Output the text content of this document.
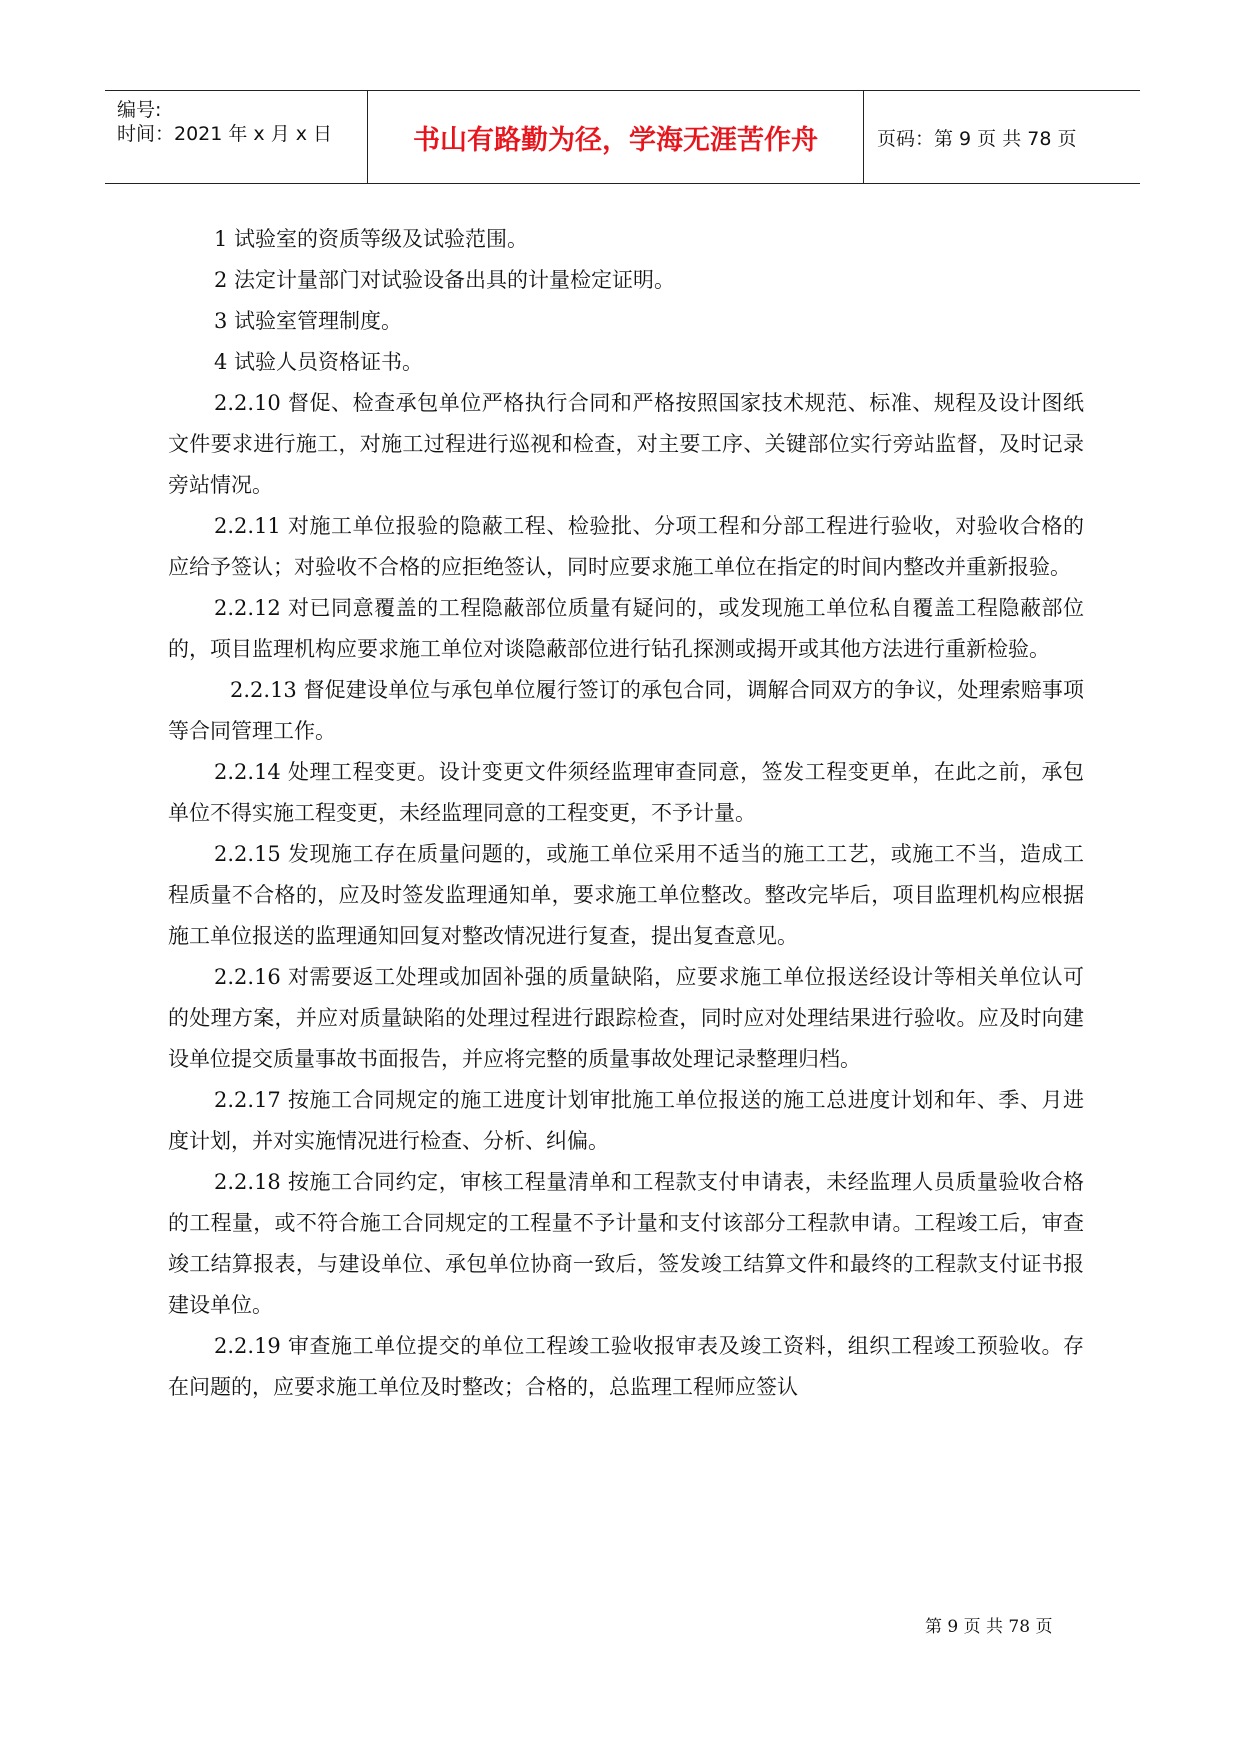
编号:
时间：2021 年 x 月 x 日	书山有路勤为径，学海无涯苦作舟	页码：第 9 页 共 78 页

1 试验室的资质等级及试验范围。

2 法定计量部门对试验设备出具的计量检定证明。

3 试验室管理制度。

4 试验人员资格证书。

2.2.10 督促、检查承包单位严格执行合同和严格按照国家技术规范、标准、规程及设计图纸文件要求进行施工，对施工过程进行巡视和检查，对主要工序、关键部位实行旁站监督，及时记录旁站情况。

2.2.11 对施工单位报验的隐蔽工程、检验批、分项工程和分部工程进行验收，对验收合格的应给予签认；对验收不合格的应拒绝签认，同时应要求施工单位在指定的时间内整改并重新报验。

2.2.12 对已同意覆盖的工程隐蔽部位质量有疑问的，或发现施工单位私自覆盖工程隐蔽部位的，项目监理机构应要求施工单位对谈隐蔽部位进行钻孔探测或揭开或其他方法进行重新检验。

2.2.13 督促建设单位与承包单位履行签订的承包合同，调解合同双方的争议，处理索赔事项等合同管理工作。

2.2.14 处理工程变更。设计变更文件须经监理审查同意，签发工程变更单，在此之前，承包单位不得实施工程变更，未经监理同意的工程变更，不予计量。

2.2.15 发现施工存在质量问题的，或施工单位采用不适当的施工工艺，或施工不当，造成工程质量不合格的，应及时签发监理通知单，要求施工单位整改。整改完毕后，项目监理机构应根据施工单位报送的监理通知回复对整改情况进行复查，提出复查意见。

2.2.16 对需要返工处理或加固补强的质量缺陷，应要求施工单位报送经设计等相关单位认可的处理方案，并应对质量缺陷的处理过程进行跟踪检查，同时应对处理结果进行验收。应及时向建设单位提交质量事故书面报告，并应将完整的质量事故处理记录整理归档。

2.2.17 按施工合同规定的施工进度计划审批施工单位报送的施工总进度计划和年、季、月进度计划，并对实施情况进行检查、分析、纠偏。

2.2.18 按施工合同约定，审核工程量清单和工程款支付申请表，未经监理人员质量验收合格的工程量，或不符合施工合同规定的工程量不予计量和支付该部分工程款申请。工程竣工后，审查竣工结算报表，与建设单位、承包单位协商一致后，签发竣工结算文件和最终的工程款支付证书报建设单位。

2.2.19 审查施工单位提交的单位工程竣工验收报审表及竣工资料，组织工程竣工预验收。存在问题的，应要求施工单位及时整改；合格的，总监理工程师应签认

第 9 页 共 78 页
